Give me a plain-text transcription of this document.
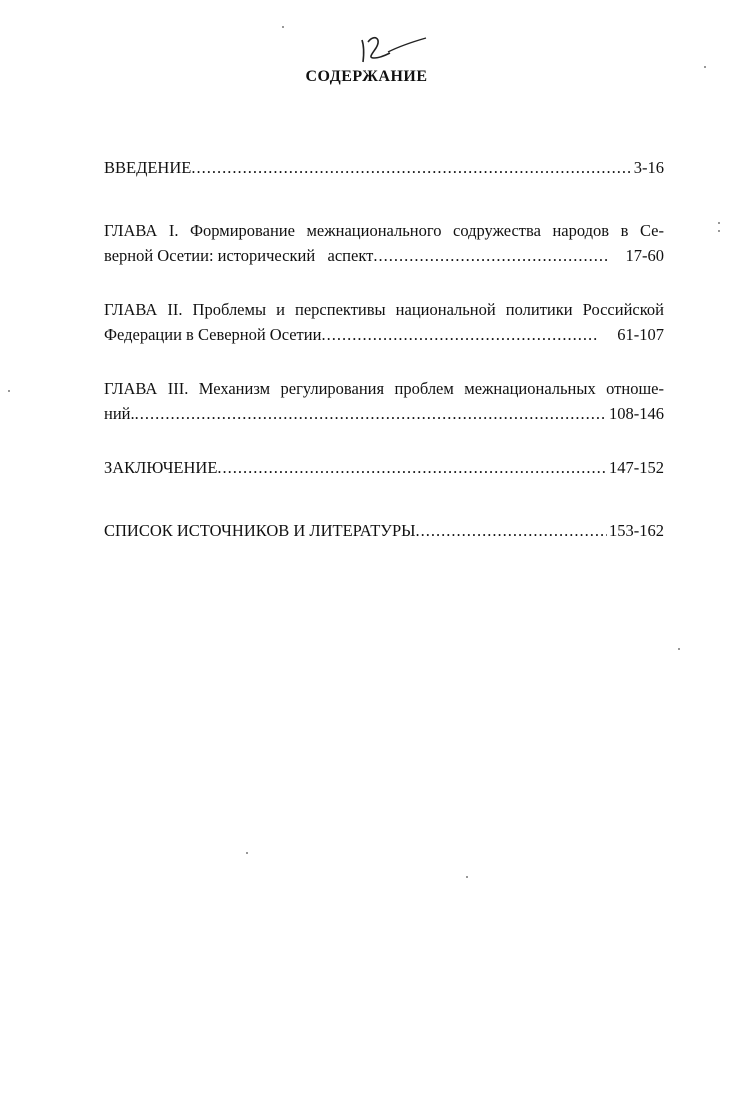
СОДЕРЖАНИЕ
ВВЕДЕНИЕ .....	3-16
ГЛАВА I. Формирование межнационального содружества народов в Се-
верной Осетии: исторический   аспект .....	17-60
ГЛАВА II. Проблемы и перспективы национальной политики Российской
Федерации в Северной Осетии .....	61-107
ГЛАВА III. Механизм регулирования проблем межнациональных отноше-
ний. .....	108-146
ЗАКЛЮЧЕНИЕ .....	147-152
СПИСОК ИСТОЧНИКОВ И ЛИТЕРАТУРЫ .....	153-162
